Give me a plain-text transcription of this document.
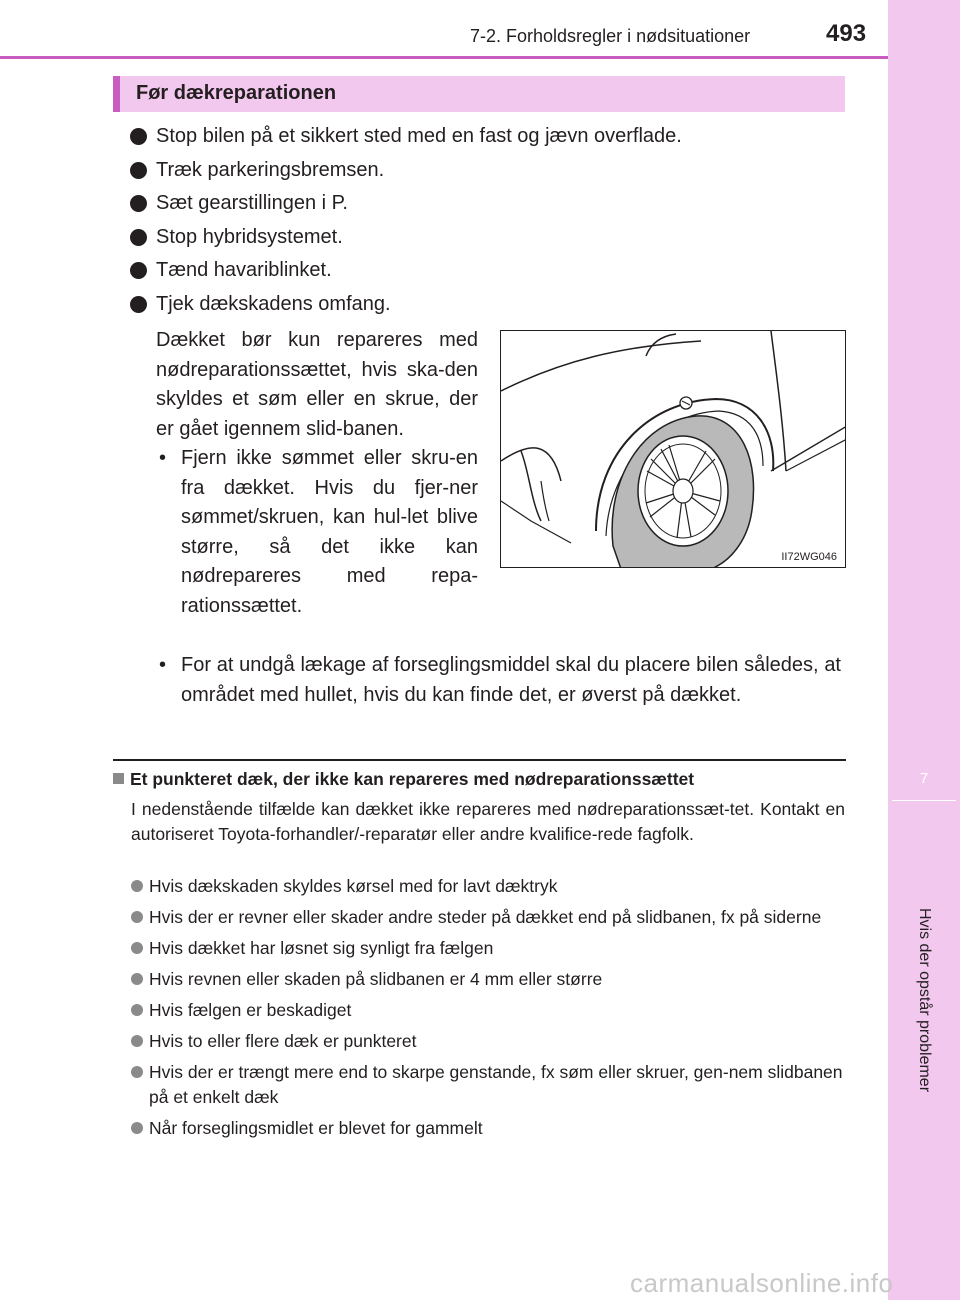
7
Hvis der opstår problemer
7-2. Forholdsregler i nødsituationer	493
Før dækreparationen
Stop bilen på et sikkert sted med en fast og jævn overflade.
Træk parkeringsbremsen.
Sæt gearstillingen i P.
Stop hybridsystemet.
Tænd havariblinket.
Tjek dækskadens omfang.

Dækket bør kun repareres med nødreparationssættet, hvis ska-den skyldes et søm eller en skrue, der er gået igennem slid-banen.

• Fjern ikke sømmet eller skru-en fra dækket. Hvis du fjer-ner sømmet/skruen, kan hul-let blive større, så det ikke kan nødrepareres med repa-rationssættet.

• For at undgå lækage af forseglingsmiddel skal du placere bilen således, at området med hullet, hvis du kan finde det, er øverst på dækket.

II72WG046
Et punkteret dæk, der ikke kan repareres med nødreparationssættet
I nedenstående tilfælde kan dækket ikke repareres med nødreparationssæt-tet. Kontakt en autoriseret Toyota-forhandler/-reparatør eller andre kvalifice-rede fagfolk.
Hvis dækskaden skyldes kørsel med for lavt dæktryk
Hvis der er revner eller skader andre steder på dækket end på slidbanen, fx på siderne
Hvis dækket har løsnet sig synligt fra fælgen
Hvis revnen eller skaden på slidbanen er 4 mm eller større
Hvis fælgen er beskadiget
Hvis to eller flere dæk er punkteret
Hvis der er trængt mere end to skarpe genstande, fx søm eller skruer, gen-nem slidbanen på et enkelt dæk
Når forseglingsmidlet er blevet for gammelt
carmanualsonline.info
